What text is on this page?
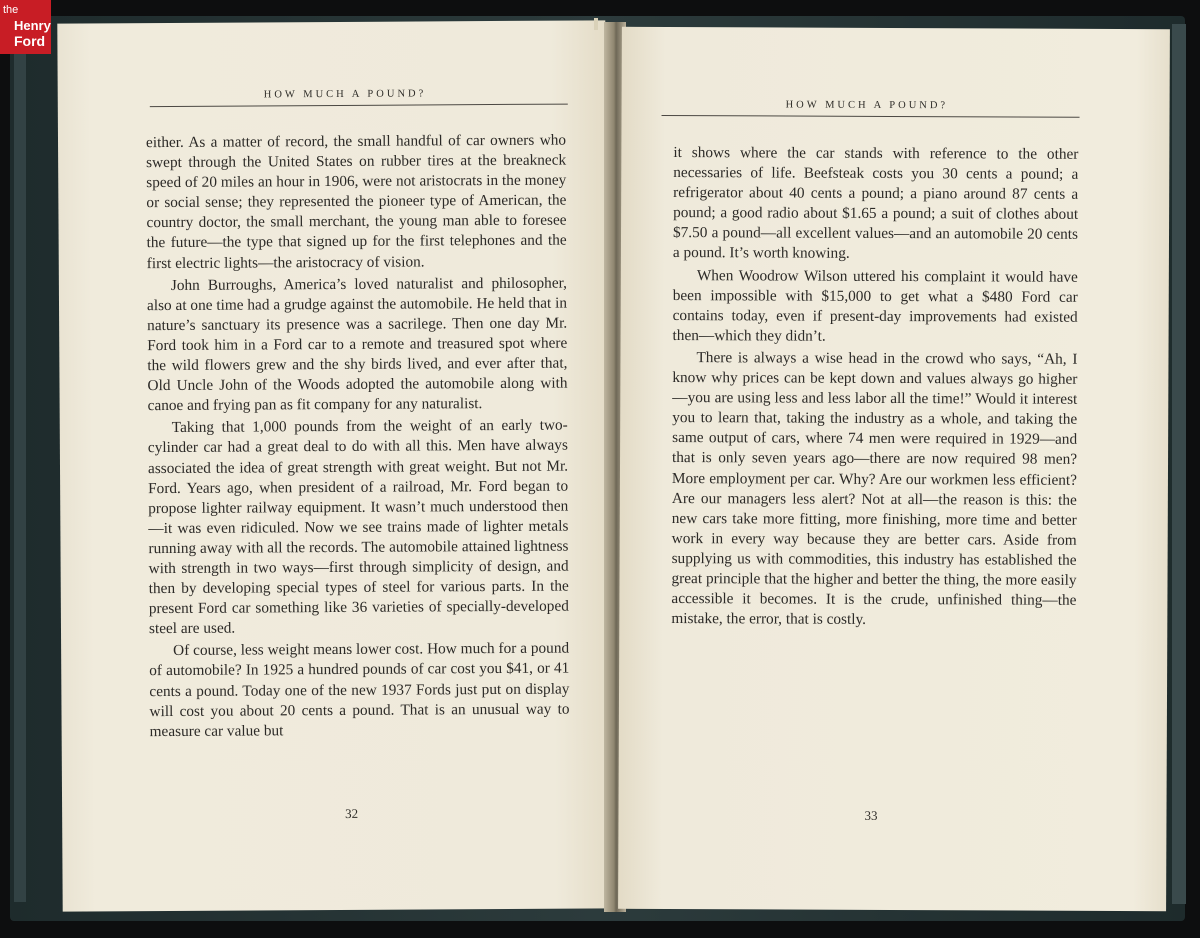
HOW MUCH A POUND?

either. As a matter of record, the small handful of car owners who swept through the United States on rubber tires at the breakneck speed of 20 miles an hour in 1906, were not aristocrats in the money or social sense; they represented the pioneer type of American, the country doctor, the small merchant, the young man able to foresee the future—the type that signed up for the first telephones and the first electric lights—the aristocracy of vision.

John Burroughs, America’s loved naturalist and philosopher, also at one time had a grudge against the automobile. He held that in nature’s sanctuary its presence was a sacrilege. Then one day Mr. Ford took him in a Ford car to a remote and treasured spot where the wild flowers grew and the shy birds lived, and ever after that, Old Uncle John of the Woods adopted the automobile along with canoe and frying pan as fit company for any naturalist.

Taking that 1,000 pounds from the weight of an early two-cylinder car had a great deal to do with all this. Men have always associated the idea of great strength with great weight. But not Mr. Ford. Years ago, when president of a railroad, Mr. Ford began to propose lighter railway equipment. It wasn’t much understood then—it was even ridiculed. Now we see trains made of lighter metals running away with all the records. The automobile attained lightness with strength in two ways—first through simplicity of design, and then by developing special types of steel for various parts. In the present Ford car something like 36 varieties of specially-developed steel are used.

Of course, less weight means lower cost. How much for a pound of automobile? In 1925 a hundred pounds of car cost you $41, or 41 cents a pound. Today one of the new 1937 Fords just put on display will cost you about 20 cents a pound. That is an unusual way to measure car value but

32
HOW MUCH A POUND?

it shows where the car stands with reference to the other necessaries of life. Beefsteak costs you 30 cents a pound; a refrigerator about 40 cents a pound; a piano around 87 cents a pound; a good radio about $1.65 a pound; a suit of clothes about $7.50 a pound—all excellent values—and an automobile 20 cents a pound. It’s worth knowing.

When Woodrow Wilson uttered his complaint it would have been impossible with $15,000 to get what a $480 Ford car contains today, even if present-day improvements had existed then—which they didn’t.

There is always a wise head in the crowd who says, “Ah, I know why prices can be kept down and values always go higher—you are using less and less labor all the time!” Would it interest you to learn that, taking the industry as a whole, and taking the same output of cars, where 74 men were required in 1929—and that is only seven years ago—there are now required 98 men? More employment per car. Why? Are our workmen less efficient? Are our managers less alert? Not at all—the reason is this: the new cars take more fitting, more finishing, more time and better work in every way because they are better cars. Aside from supplying us with commodities, this industry has established the great principle that the higher and better the thing, the more easily accessible it becomes. It is the crude, unfinished thing—the mistake, the error, that is costly.

33
the
Henry
Ford
